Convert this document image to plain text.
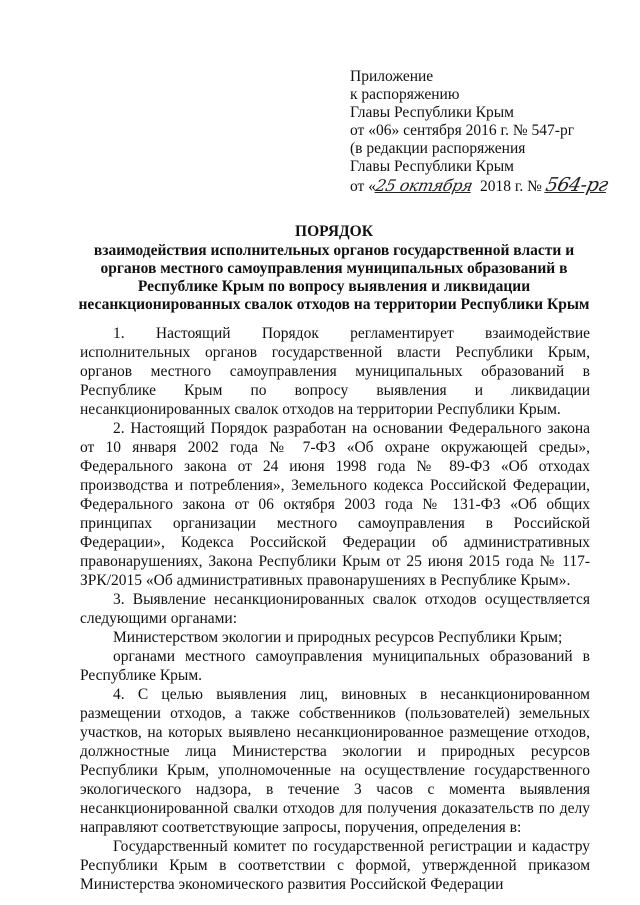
Приложение
к распоряжению
Главы Республики Крым
от «06» сентября 2016 г. № 547-рг
(в редакции распоряжения
Главы Республики Крым
от «25 октября 2018 г. №564-рг
ПОРЯДОК
взаимодействия исполнительных органов государственной власти и
органов местного самоуправления муниципальных образований в
Республике Крым по вопросу выявления и ликвидации
несанкционированных свалок отходов на территории Республики Крым

1. Настоящий Порядок регламентирует взаимодействие исполнительных органов государственной власти Республики Крым, органов местного самоуправления муниципальных образований в Республике Крым по вопросу выявления и ликвидации несанкционированных свалок отходов на территории Республики Крым.

2. Настоящий Порядок разработан на основании Федерального закона от 10 января 2002 года № 7-ФЗ «Об охране окружающей среды», Федерального закона от 24 июня 1998 года № 89-ФЗ «Об отходах производства и потребления», Земельного кодекса Российской Федерации, Федерального закона от 06 октября 2003 года № 131-ФЗ «Об общих принципах организации местного самоуправления в Российской Федерации», Кодекса Российской Федерации об административных правонарушениях, Закона Республики Крым от 25 июня 2015 года № 117-ЗРК/2015 «Об административных правонарушениях в Республике Крым».

3. Выявление несанкционированных свалок отходов осуществляется следующими органами:

Министерством экологии и природных ресурсов Республики Крым;

органами местного самоуправления муниципальных образований в Республике Крым.

4. С целью выявления лиц, виновных в несанкционированном размещении отходов, а также собственников (пользователей) земельных участков, на которых выявлено несанкционированное размещение отходов, должностные лица Министерства экологии и природных ресурсов Республики Крым, уполномоченные на осуществление государственного экологического надзора, в течение 3 часов с момента выявления несанкционированной свалки отходов для получения доказательств по делу направляют соответствующие запросы, поручения, определения в:

Государственный комитет по государственной регистрации и кадастру Республики Крым в соответствии с формой, утвержденной приказом Министерства экономического развития Российской Федерации
